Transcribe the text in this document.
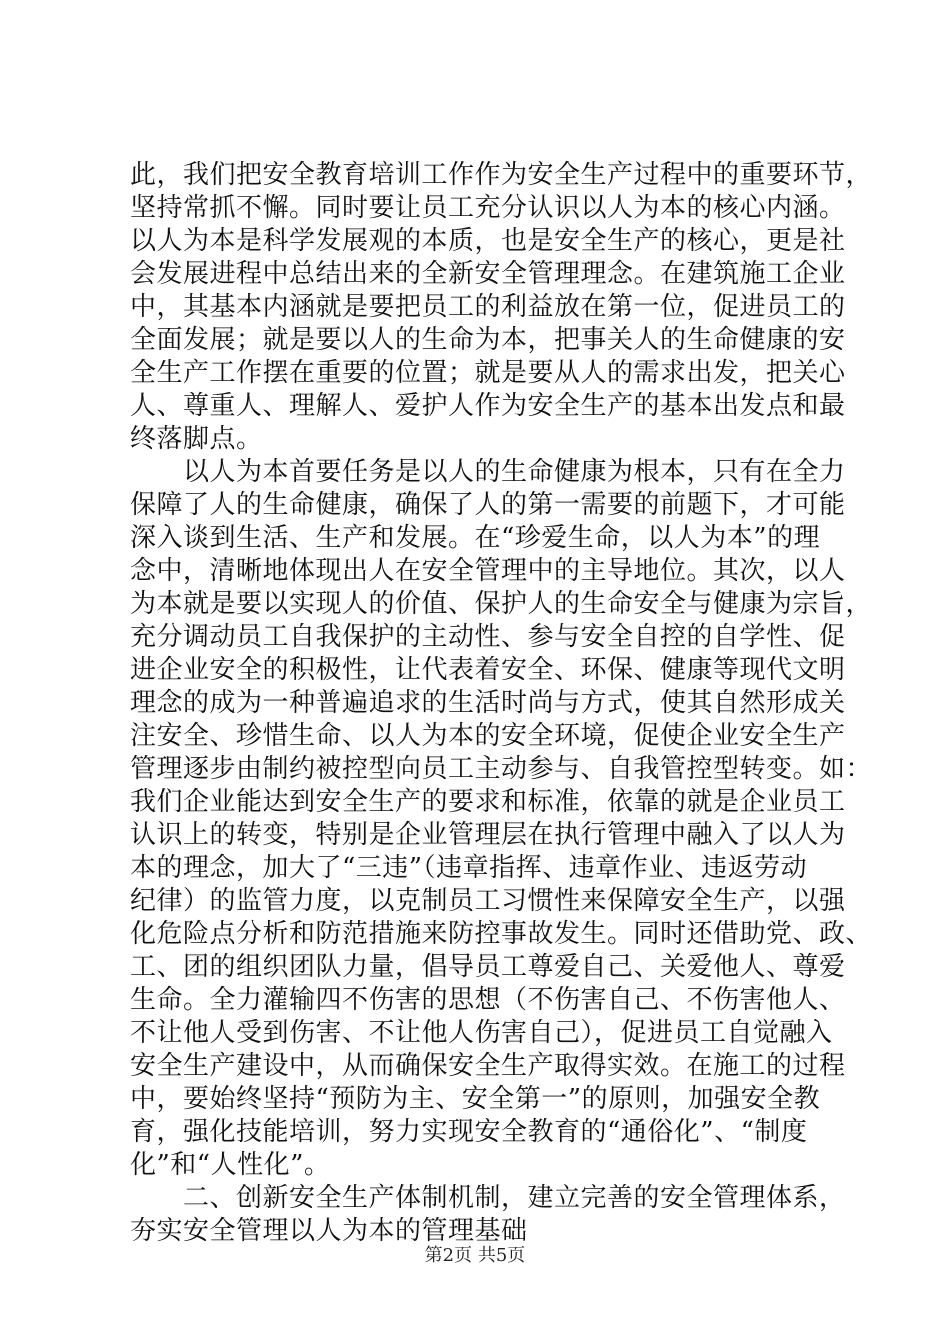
此，我们把安全教育培训工作作为安全生产过程中的重要环节，
坚持常抓不懈。同时要让员工充分认识以人为本的核心内涵。
以人为本是科学发展观的本质，也是安全生产的核心，更是社
会发展进程中总结出来的全新安全管理理念。在建筑施工企业
中，其基本内涵就是要把员工的利益放在第一位，促进员工的
全面发展；就是要以人的生命为本，把事关人的生命健康的安
全生产工作摆在重要的位置；就是要从人的需求出发，把关心
人、尊重人、理解人、爱护人作为安全生产的基本出发点和最
终落脚点。
　　以人为本首要任务是以人的生命健康为根本，只有在全力
保障了人的生命健康，确保了人的第一需要的前题下，才可能
深入谈到生活、生产和发展。在“珍爱生命，以人为本”的理
念中，清晰地体现出人在安全管理中的主导地位。其次，以人
为本就是要以实现人的价值、保护人的生命安全与健康为宗旨，
充分调动员工自我保护的主动性、参与安全自控的自学性、促
进企业安全的积极性，让代表着安全、环保、健康等现代文明
理念的成为一种普遍追求的生活时尚与方式，使其自然形成关
注安全、珍惜生命、以人为本的安全环境，促使企业安全生产
管理逐步由制约被控型向员工主动参与、自我管控型转变。如：
我们企业能达到安全生产的要求和标准，依靠的就是企业员工
认识上的转变，特别是企业管理层在执行管理中融入了以人为
本的理念，加大了“三违”（违章指挥、违章作业、违返劳动
纪律）的监管力度，以克制员工习惯性来保障安全生产，以强
化危险点分析和防范措施来防控事故发生。同时还借助党、政、
工、团的组织团队力量，倡导员工尊爱自己、关爱他人、尊爱
生命。全力灌输四不伤害的思想（不伤害自己、不伤害他人、
不让他人受到伤害、不让他人伤害自己），促进员工自觉融入
安全生产建设中，从而确保安全生产取得实效。在施工的过程
中，要始终坚持“预防为主、安全第一”的原则，加强安全教
育，强化技能培训，努力实现安全教育的“通俗化”、“制度
化”和“人性化”。
　　二、创新安全生产体制机制，建立完善的安全管理体系，
夯实安全管理以人为本的管理基础
第2页 共5页
